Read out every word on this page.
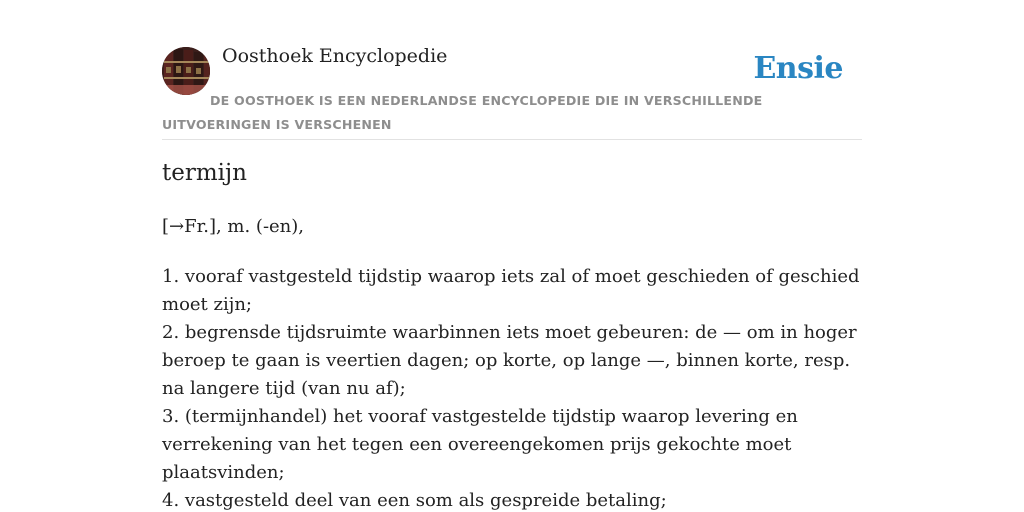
Oosthoek Encyclopedie	Ensie
DE OOSTHOEK IS EEN NEDERLANDSE ENCYCLOPEDIE DIE IN VERSCHILLENDE UITVOERINGEN IS VERSCHENEN
termijn
[→Fr.], m. (-en),
1. vooraf vastgesteld tijdstip waarop iets zal of moet geschieden of geschied moet zijn;
2. begrensde tijdsruimte waarbinnen iets moet gebeuren: de — om in hoger beroep te gaan is veertien dagen; op korte, op lange —, binnen korte, resp. na langere tijd (van nu af);
3. (termijnhandel) het vooraf vastgestelde tijdstip waarop levering en verrekening van het tegen een overeengekomen prijs gekochte moet plaatsvinden;
4. vastgesteld deel van een som als gespreide betaling;
